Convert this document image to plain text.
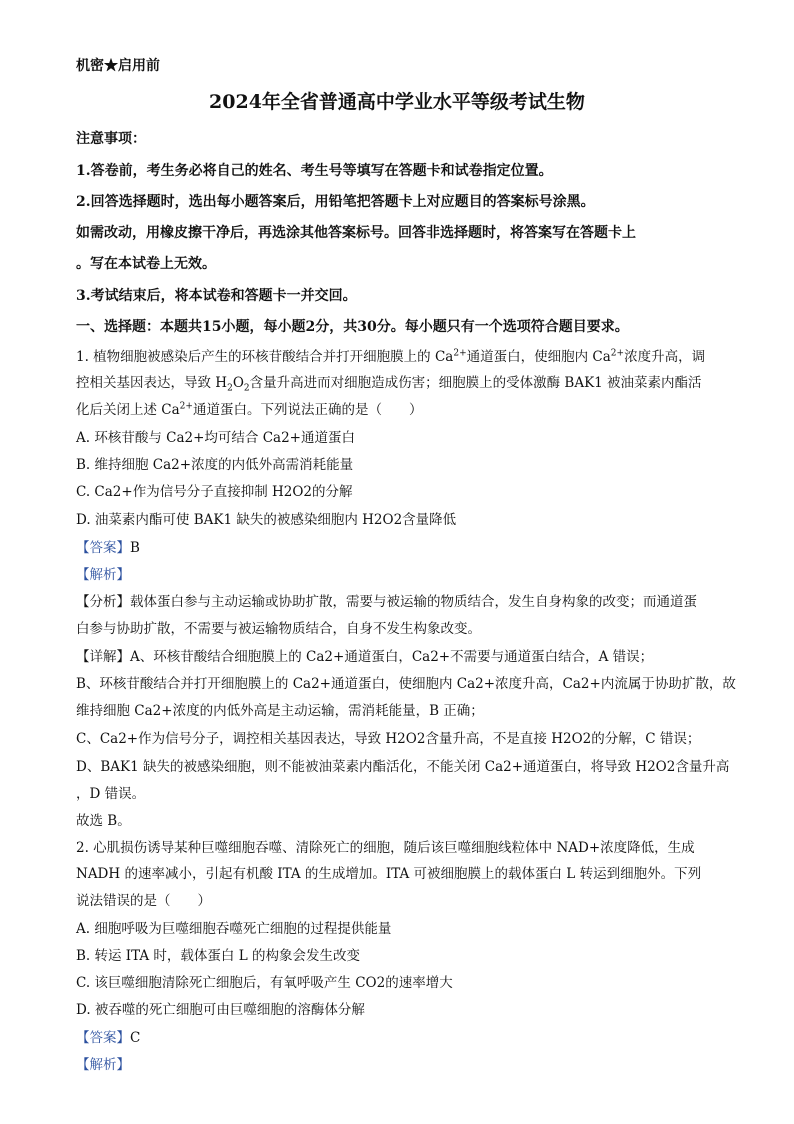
机密★启用前
2024年全省普通高中学业水平等级考试生物
注意事项：
1.答卷前，考生务必将自己的姓名、考生号等填写在答题卡和试卷指定位置。
2.回答选择题时，选出每小题答案后，用铅笔把答题卡上对应题目的答案标号涂黑。
如需改动，用橡皮擦干净后，再选涂其他答案标号。回答非选择题时，将答案写在答题卡上
。写在本试卷上无效。
3.考试结束后，将本试卷和答题卡一并交回。
一、选择题：本题共15小题，每小题2分，共30分。每小题只有一个选项符合题目要求。
1. 植物细胞被感染后产生的环核苷酸结合并打开细胞膜上的 $Ca^{2+}$通道蛋白，使细胞内 $Ca^{2+}$浓度升高，调
控相关基因表达，导致 $H_2O_2$含量升高进而对细胞造成伤害；细胞膜上的受体激酶 BAK1 被油菜素内酯活
化后关闭上述 $Ca^{2+}$通道蛋白。下列说法正确的是（　　）
A. 环核苷酸与 Ca2+均可结合 Ca2+通道蛋白
B. 维持细胞 Ca2+浓度的内低外高需消耗能量
C. Ca2+作为信号分子直接抑制 H2O2的分解
D. 油菜素内酯可使 BAK1 缺失的被感染细胞内 H2O2含量降低
【答案】B
【解析】
【分析】载体蛋白参与主动运输或协助扩散，需要与被运输的物质结合，发生自身构象的改变；而通道蛋
白参与协助扩散，不需要与被运输物质结合，自身不发生构象改变。
【详解】A、环核苷酸结合细胞膜上的 Ca2+通道蛋白，Ca2+不需要与通道蛋白结合，A 错误；
B、环核苷酸结合并打开细胞膜上的 Ca2+通道蛋白，使细胞内 Ca2+浓度升高，Ca2+内流属于协助扩散，故
维持细胞 Ca2+浓度的内低外高是主动运输，需消耗能量，B 正确；
C、Ca2+作为信号分子，调控相关基因表达，导致 H2O2含量升高，不是直接 H2O2的分解，C 错误；
D、BAK1 缺失的被感染细胞，则不能被油菜素内酯活化，不能关闭 Ca2+通道蛋白，将导致 H2O2含量升高
，D 错误。
故选 B。
2. 心肌损伤诱导某种巨噬细胞吞噬、清除死亡的细胞，随后该巨噬细胞线粒体中 NAD+浓度降低，生成
NADH 的速率减小，引起有机酸 ITA 的生成增加。ITA 可被细胞膜上的载体蛋白 L 转运到细胞外。下列
说法错误的是（　　）
A. 细胞呼吸为巨噬细胞吞噬死亡细胞的过程提供能量
B. 转运 ITA 时，载体蛋白 L 的构象会发生改变
C. 该巨噬细胞清除死亡细胞后，有氧呼吸产生 CO2的速率增大
D. 被吞噬的死亡细胞可由巨噬细胞的溶酶体分解
【答案】C
【解析】
